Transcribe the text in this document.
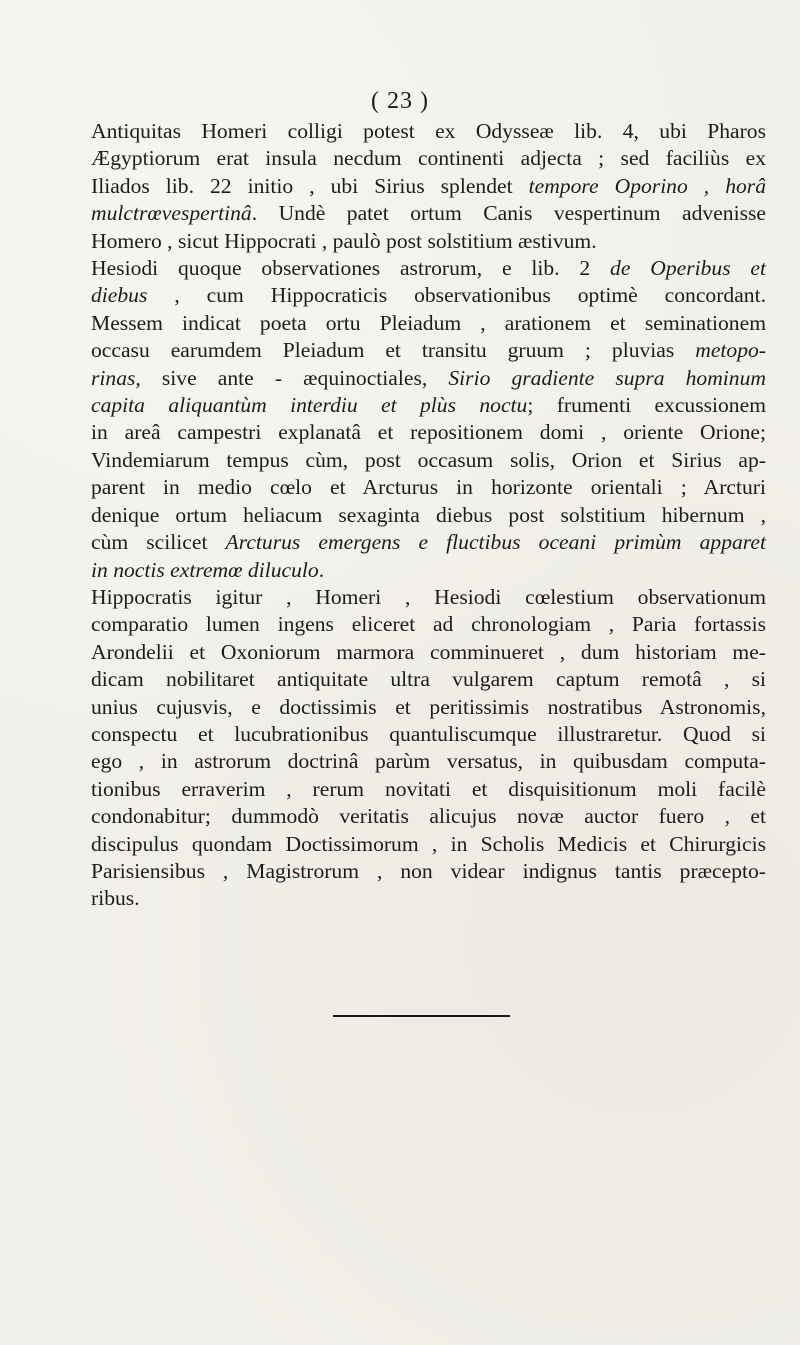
( 23 )

Antiquitas Homeri colligi potest ex Odysseæ lib. 4, ubi Pharos
Ægyptiorum erat insula necdum continenti adjecta ; sed faciliùs ex
Iliados lib. 22 initio , ubi Sirius splendet tempore Oporino , horâ
mulctrœvespertinâ. Undè patet ortum Canis vespertinum advenisse
Homero , sicut Hippocrati , paulò post solstitium æstivum.

Hesiodi quoque observationes astrorum, e lib. 2 de Operibus et
diebus , cum Hippocraticis observationibus optimè concordant.
Messem indicat poeta ortu Pleiadum , arationem et seminationem
occasu earumdem Pleiadum et transitu gruum ; pluvias metopo-
rinas, sive ante - æquinoctiales, Sirio gradiente supra hominum
capita aliquantùm interdiu et plùs noctu; frumenti excussionem
in areâ campestri explanatâ et repositionem domi , oriente Orione;
Vindemiarum tempus cùm, post occasum solis, Orion et Sirius ap-
parent in medio cœlo et Arcturus in horizonte orientali ; Arcturi
denique ortum heliacum sexaginta diebus post solstitium hibernum ,
cùm scilicet Arcturus emergens e fluctibus oceani primùm apparet
in noctis extremœ diluculo.

Hippocratis igitur , Homeri , Hesiodi cœlestium observationum
comparatio lumen ingens eliceret ad chronologiam , Paria fortassis
Arondelii et Oxoniorum marmora comminueret , dum historiam me-
dicam nobilitaret antiquitate ultra vulgarem captum remotâ , si
unius cujusvis, e doctissimis et peritissimis nostratibus Astronomis,
conspectu et lucubrationibus quantuliscumque illustraretur. Quod si
ego , in astrorum doctrinâ parùm versatus, in quibusdam computa-
tionibus erraverim , rerum novitati et disquisitionum moli facilè
condonabitur; dummodò veritatis alicujus novæ auctor fuero , et
discipulus quondam Doctissimorum , in Scholis Medicis et Chirurgicis
Parisiensibus , Magistrorum , non videar indignus tantis præcepto-
ribus.
